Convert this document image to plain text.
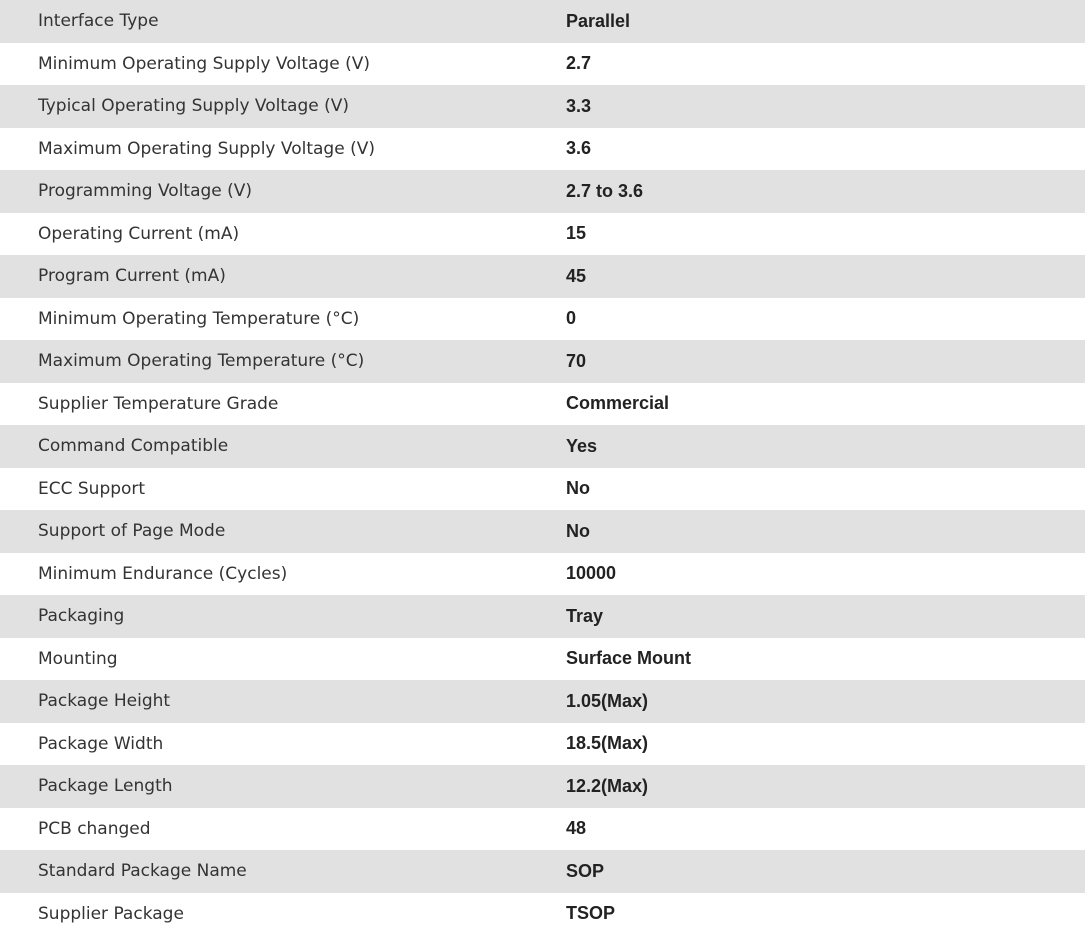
Interface Type	Parallel
Minimum Operating Supply Voltage (V)	2.7
Typical Operating Supply Voltage (V)	3.3
Maximum Operating Supply Voltage (V)	3.6
Programming Voltage (V)	2.7 to 3.6
Operating Current (mA)	15
Program Current (mA)	45
Minimum Operating Temperature (°C)	0
Maximum Operating Temperature (°C)	70
Supplier Temperature Grade	Commercial
Command Compatible	Yes
ECC Support	No
Support of Page Mode	No
Minimum Endurance (Cycles)	10000
Packaging	Tray
Mounting	Surface Mount
Package Height	1.05(Max)
Package Width	18.5(Max)
Package Length	12.2(Max)
PCB changed	48
Standard Package Name	SOP
Supplier Package	TSOP
